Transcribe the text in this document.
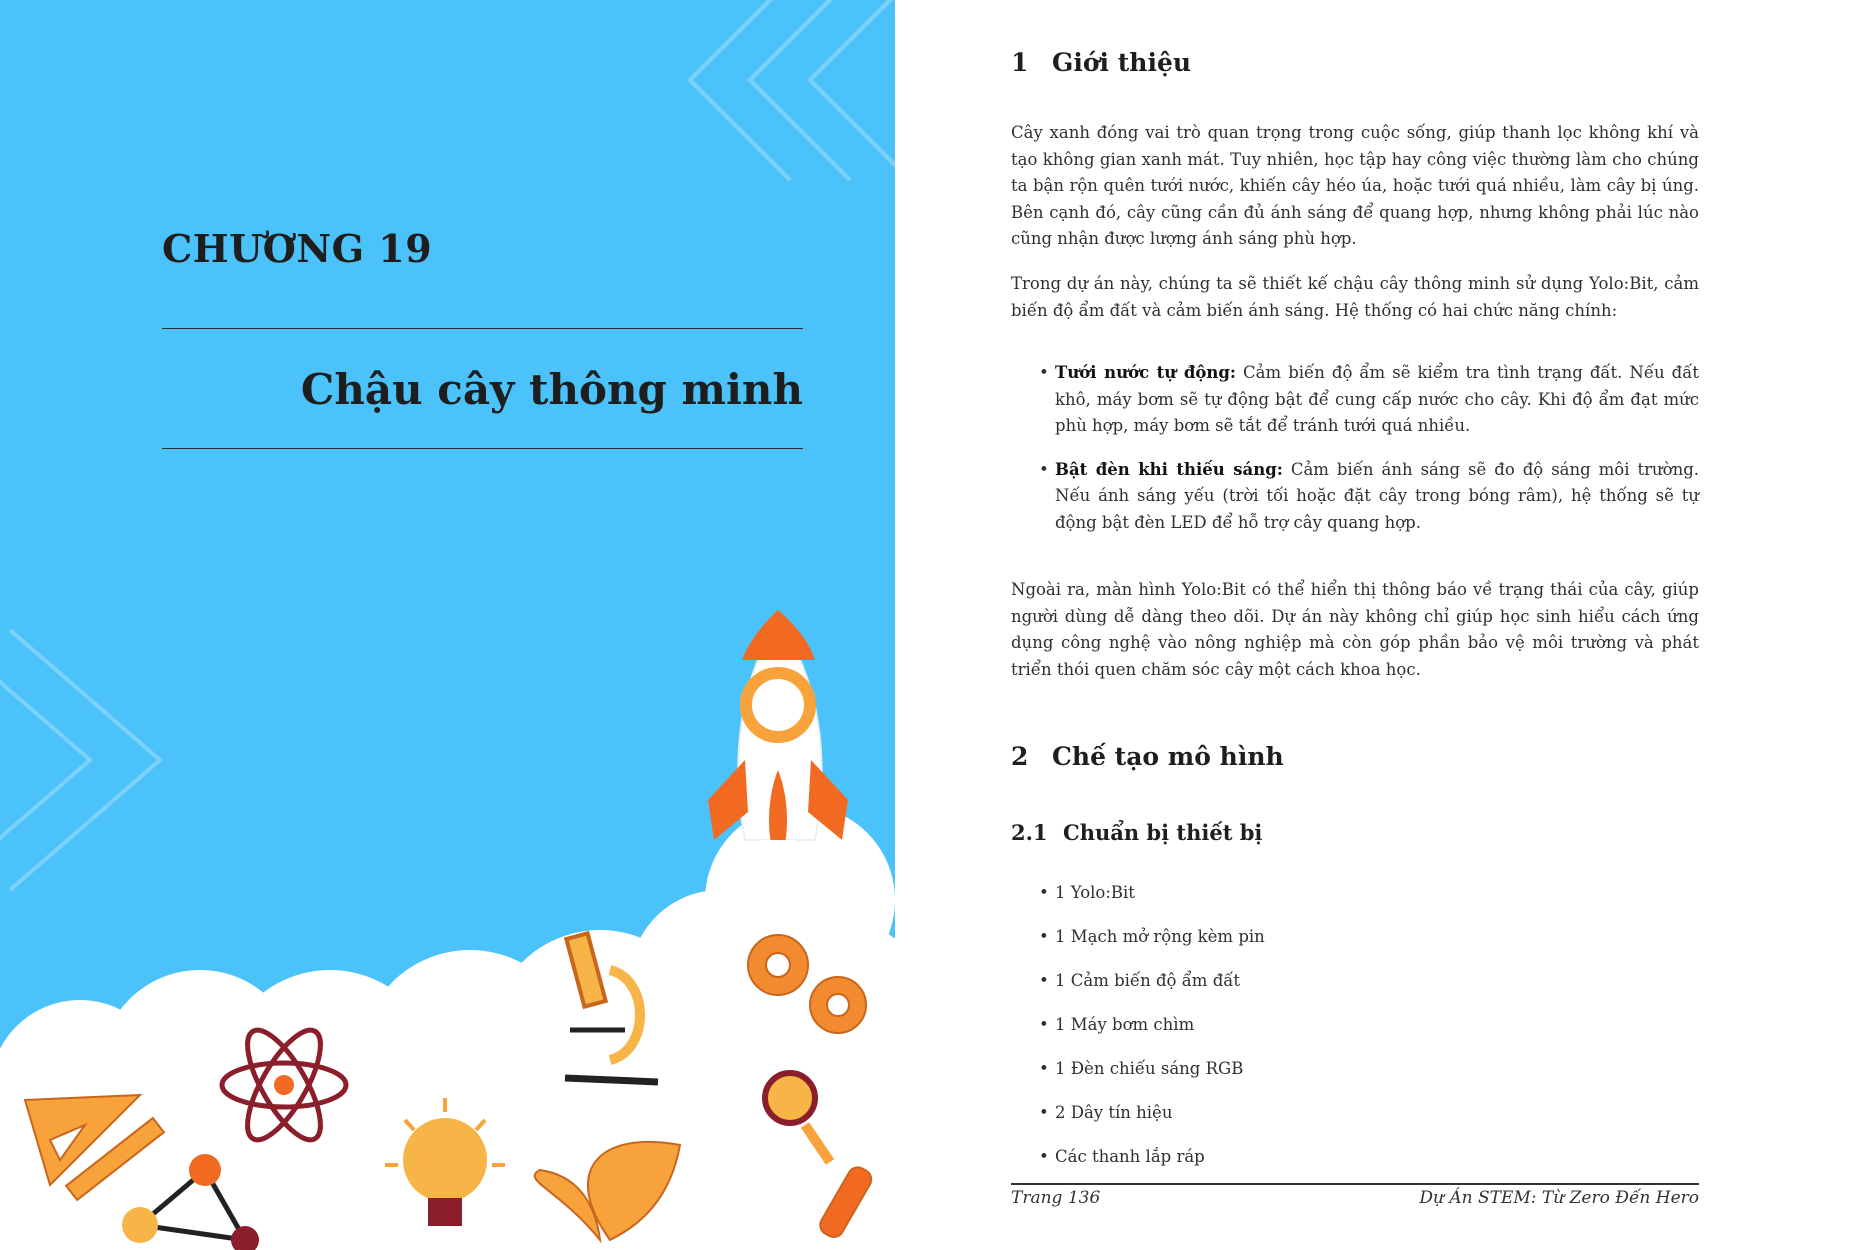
CHƯƠNG 19
Chậu cây thông minh
1 Giới thiệu

Cây xanh đóng vai trò quan trọng trong cuộc sống, giúp thanh lọc không khí và tạo không gian xanh mát. Tuy nhiên, học tập hay công việc thường làm cho chúng ta bận rộn quên tưới nước, khiến cây héo úa, hoặc tưới quá nhiều, làm cây bị úng. Bên cạnh đó, cây cũng cần đủ ánh sáng để quang hợp, nhưng không phải lúc nào cũng nhận được lượng ánh sáng phù hợp.

Trong dự án này, chúng ta sẽ thiết kế chậu cây thông minh sử dụng Yolo:Bit, cảm biến độ ẩm đất và cảm biến ánh sáng. Hệ thống có hai chức năng chính:

• Tưới nước tự động: Cảm biến độ ẩm sẽ kiểm tra tình trạng đất. Nếu đất khô, máy bơm sẽ tự động bật để cung cấp nước cho cây. Khi độ ẩm đạt mức phù hợp, máy bơm sẽ tắt để tránh tưới quá nhiều.
• Bật đèn khi thiếu sáng: Cảm biến ánh sáng sẽ đo độ sáng môi trường. Nếu ánh sáng yếu (trời tối hoặc đặt cây trong bóng râm), hệ thống sẽ tự động bật đèn LED để hỗ trợ cây quang hợp.

Ngoài ra, màn hình Yolo:Bit có thể hiển thị thông báo về trạng thái của cây, giúp người dùng dễ dàng theo dõi. Dự án này không chỉ giúp học sinh hiểu cách ứng dụng công nghệ vào nông nghiệp mà còn góp phần bảo vệ môi trường và phát triển thói quen chăm sóc cây một cách khoa học.

2 Chế tạo mô hình
2.1 Chuẩn bị thiết bị
• 1 Yolo:Bit
• 1 Mạch mở rộng kèm pin
• 1 Cảm biến độ ẩm đất
• 1 Máy bơm chìm
• 1 Đèn chiếu sáng RGB
• 2 Dây tín hiệu
• Các thanh lắp ráp
Trang 136	Dự Án STEM: Từ Zero Đến Hero
